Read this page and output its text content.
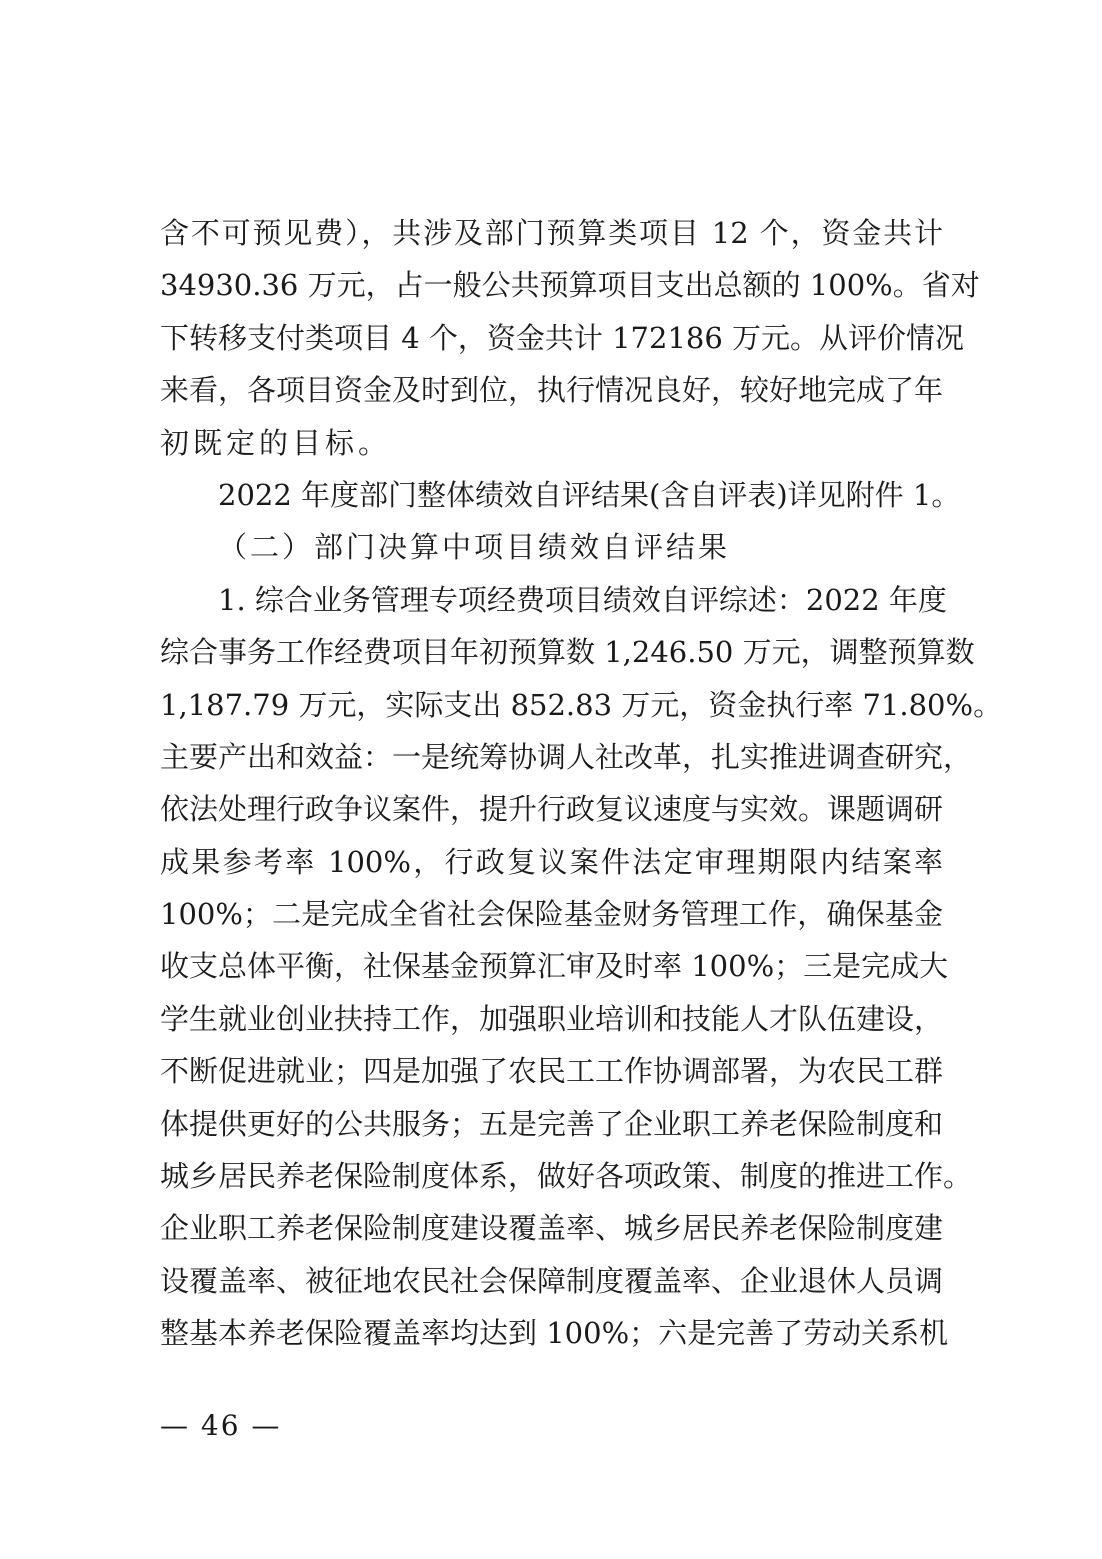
含不可预见费），共涉及部门预算类项目 12 个，资金共计
34930.36 万元，占一般公共预算项目支出总额的 100%。省对
下转移支付类项目 4 个，资金共计 172186 万元。从评价情况
来看，各项目资金及时到位，执行情况良好，较好地完成了年
初既定的目标。
2022 年度部门整体绩效自评结果(含自评表)详见附件 1。
（二）部门决算中项目绩效自评结果
1. 综合业务管理专项经费项目绩效自评综述：2022 年度
综合事务工作经费项目年初预算数 1,246.50 万元，调整预算数
1,187.79 万元，实际支出 852.83 万元，资金执行率 71.80%。
主要产出和效益：一是统筹协调人社改革，扎实推进调查研究，
依法处理行政争议案件，提升行政复议速度与实效。课题调研
成果参考率 100%，行政复议案件法定审理期限内结案率
100%；二是完成全省社会保险基金财务管理工作，确保基金
收支总体平衡，社保基金预算汇审及时率 100%；三是完成大
学生就业创业扶持工作，加强职业培训和技能人才队伍建设，
不断促进就业；四是加强了农民工工作协调部署，为农民工群
体提供更好的公共服务；五是完善了企业职工养老保险制度和
城乡居民养老保险制度体系，做好各项政策、制度的推进工作。
企业职工养老保险制度建设覆盖率、城乡居民养老保险制度建
设覆盖率、被征地农民社会保障制度覆盖率、企业退休人员调
整基本养老保险覆盖率均达到 100%；六是完善了劳动关系机
— 46 —
